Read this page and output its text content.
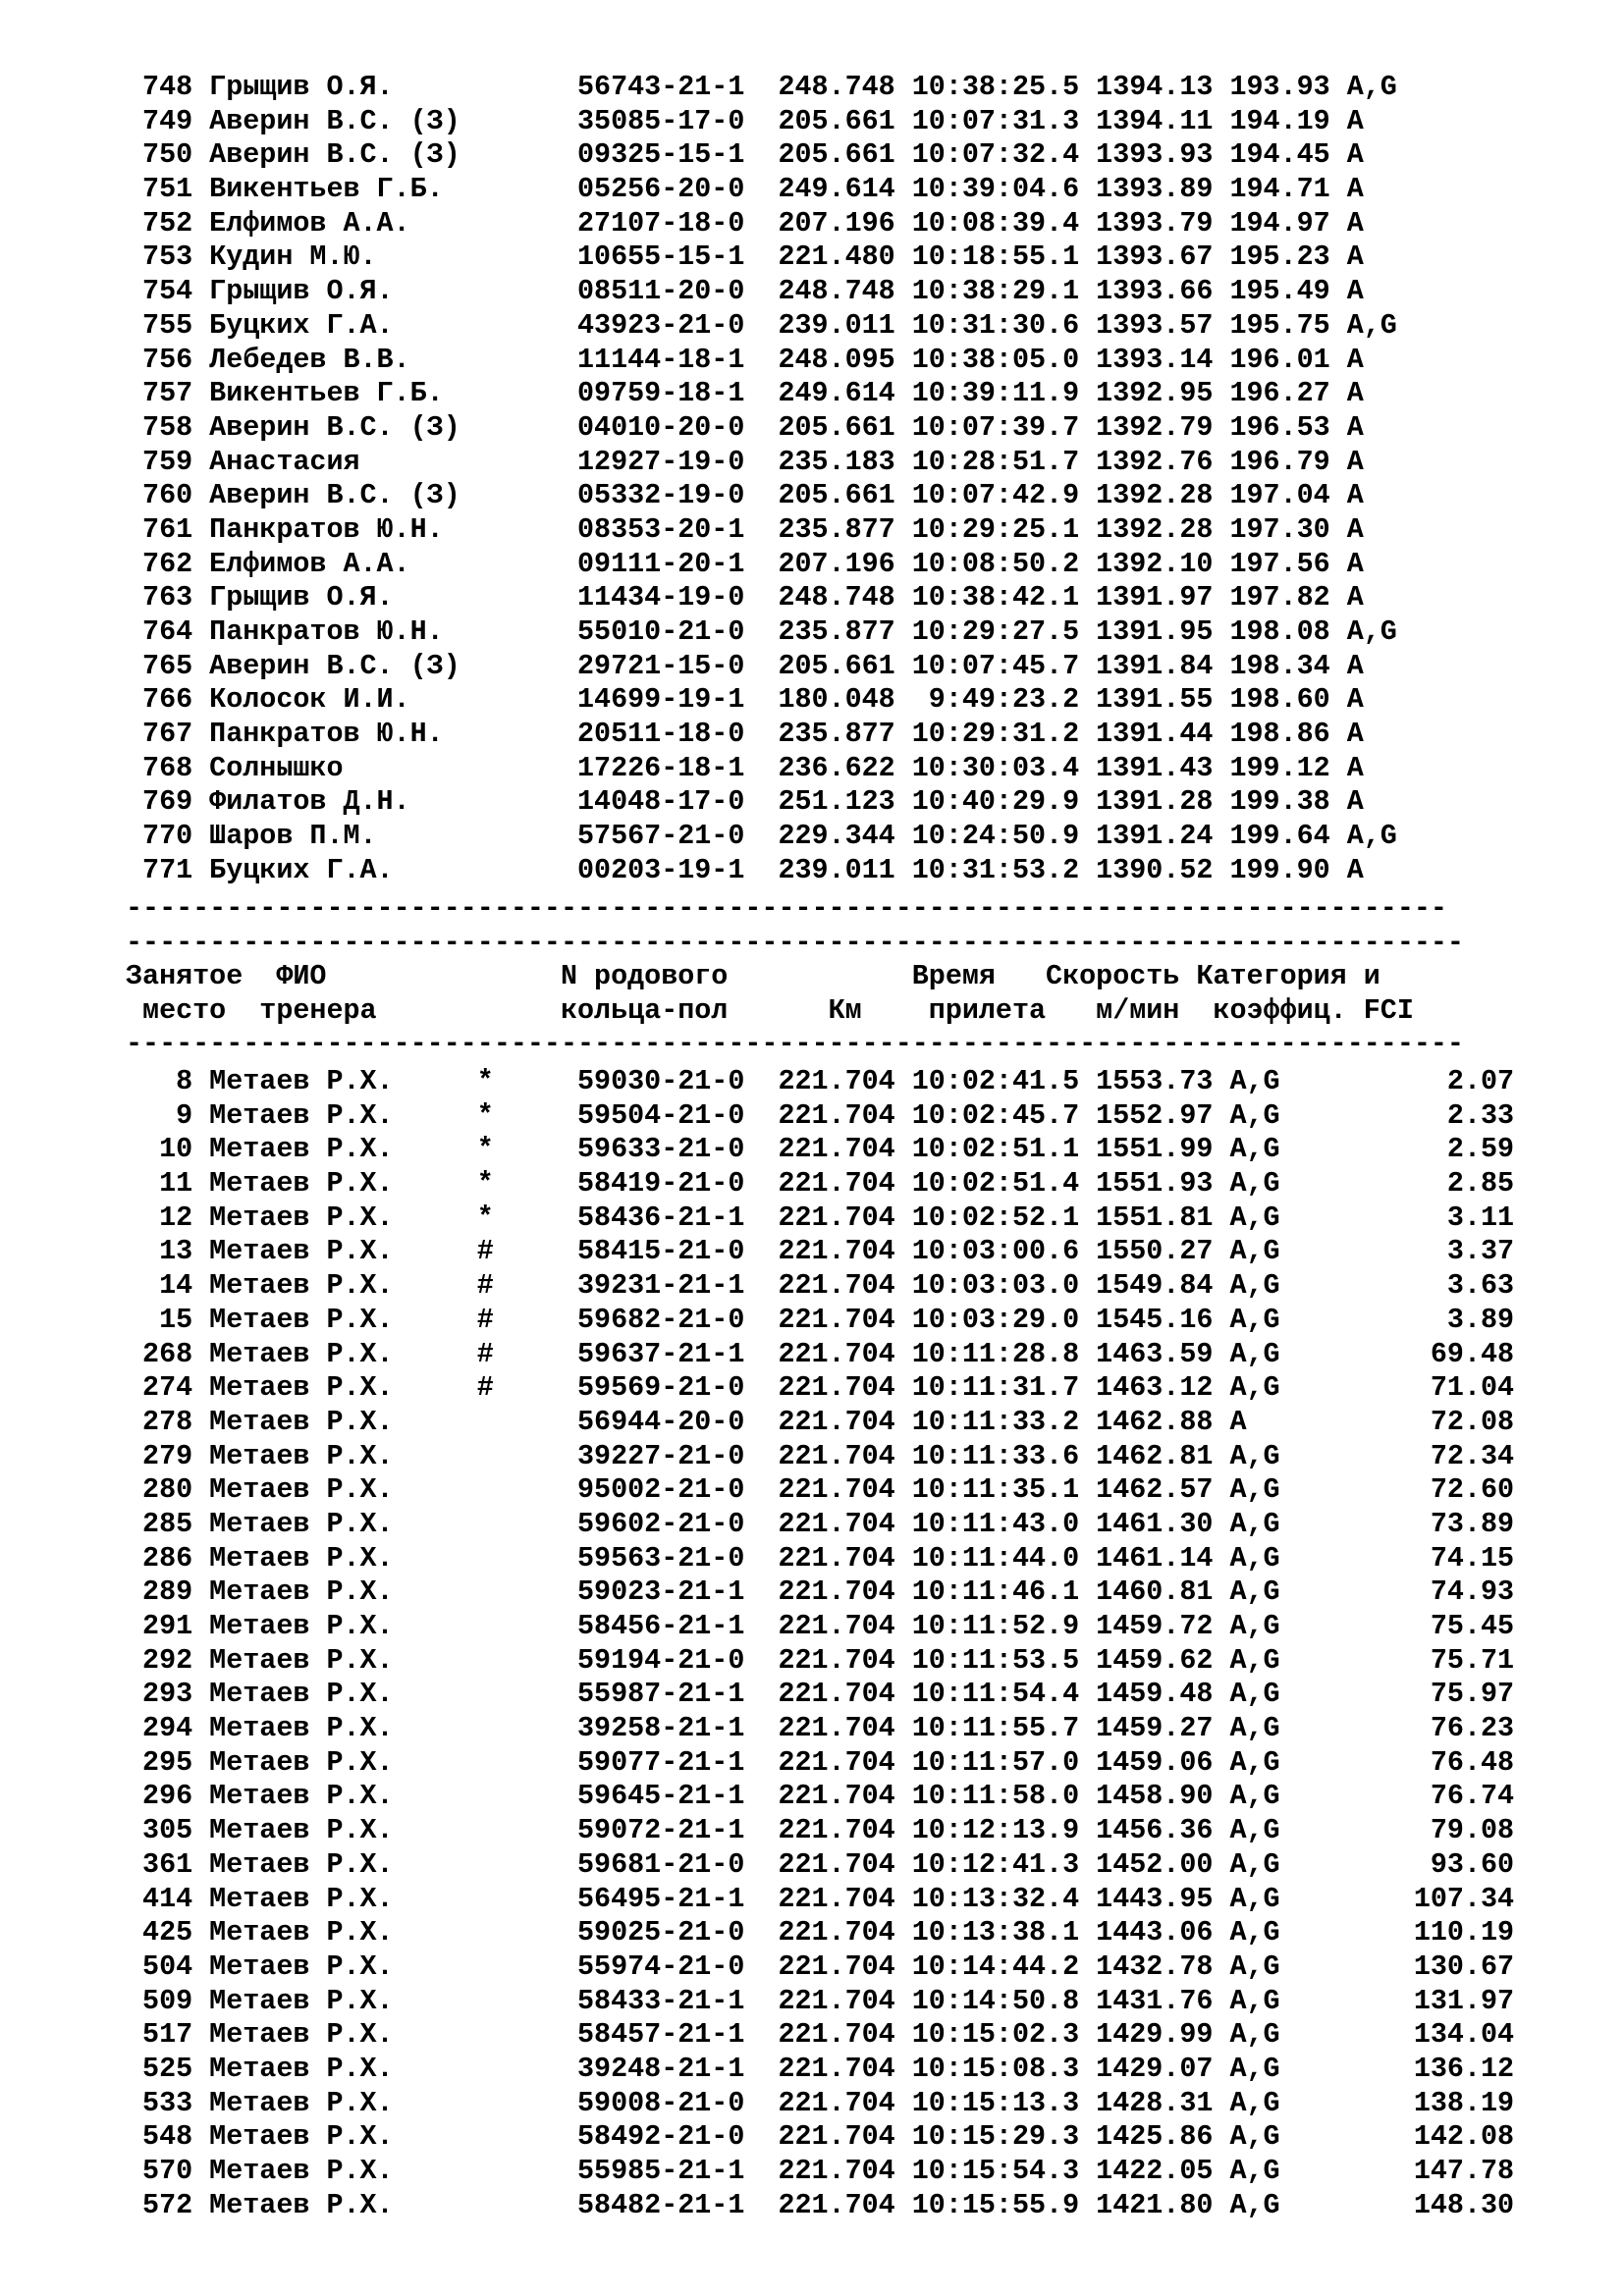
748 Грыщив О.Я.           56743-21-1  248.748 10:38:25.5 1394.13 193.93 A,G
749 Аверин В.С. (З)       35085-17-0  205.661 10:07:31.3 1394.11 194.19 A
750 Аверин В.С. (З)       09325-15-1  205.661 10:07:32.4 1393.93 194.45 A
751 Викентьев Г.Б.        05256-20-0  249.614 10:39:04.6 1393.89 194.71 A
752 Елфимов А.А.          27107-18-0  207.196 10:08:39.4 1393.79 194.97 A
753 Кудин М.Ю.            10655-15-1  221.480 10:18:55.1 1393.67 195.23 A
754 Грыщив О.Я.           08511-20-0  248.748 10:38:29.1 1393.66 195.49 A
755 Буцких Г.А.           43923-21-0  239.011 10:31:30.6 1393.57 195.75 A,G
756 Лебедев В.В.          11144-18-1  248.095 10:38:05.0 1393.14 196.01 A
757 Викентьев Г.Б.        09759-18-1  249.614 10:39:11.9 1392.95 196.27 A
758 Аверин В.С. (З)       04010-20-0  205.661 10:07:39.7 1392.79 196.53 A
759 Анастасия             12927-19-0  235.183 10:28:51.7 1392.76 196.79 A
760 Аверин В.С. (З)       05332-19-0  205.661 10:07:42.9 1392.28 197.04 A
761 Панкратов Ю.Н.        08353-20-1  235.877 10:29:25.1 1392.28 197.30 A
762 Елфимов А.А.          09111-20-1  207.196 10:08:50.2 1392.10 197.56 A
763 Грыщив О.Я.           11434-19-0  248.748 10:38:42.1 1391.97 197.82 A
764 Панкратов Ю.Н.        55010-21-0  235.877 10:29:27.5 1391.95 198.08 A,G
765 Аверин В.С. (З)       29721-15-0  205.661 10:07:45.7 1391.84 198.34 A
766 Колосок И.И.          14699-19-1  180.048  9:49:23.2 1391.55 198.60 A
767 Панкратов Ю.Н.        20511-18-0  235.877 10:29:31.2 1391.44 198.86 A
768 Солнышко              17226-18-1  236.622 10:30:03.4 1391.43 199.12 A
769 Филатов Д.Н.          14048-17-0  251.123 10:40:29.9 1391.28 199.38 A
770 Шаров П.М.            57567-21-0  229.344 10:24:50.9 1391.24 199.64 A,G
771 Буцких Г.А.           00203-19-1  239.011 10:31:53.2 1390.52 199.90 A
-------------------------------------------------------------------------------
--------------------------------------------------------------------------------
Занятое  ФИО              N родового           Время   Скорость Категория и
место  тренера           кольца-пол      Км    прилета   м/мин  коэффиц. FCI
--------------------------------------------------------------------------------
8 Метаев Р.Х.     *     59030-21-0  221.704 10:02:41.5 1553.73 A,G          2.07
9 Метаев Р.Х.     *     59504-21-0  221.704 10:02:45.7 1552.97 A,G          2.33
10 Метаев Р.Х.     *     59633-21-0  221.704 10:02:51.1 1551.99 A,G          2.59
11 Метаев Р.Х.     *     58419-21-0  221.704 10:02:51.4 1551.93 A,G          2.85
12 Метаев Р.Х.     *     58436-21-1  221.704 10:02:52.1 1551.81 A,G          3.11
13 Метаев Р.Х.     #     58415-21-0  221.704 10:03:00.6 1550.27 A,G          3.37
14 Метаев Р.Х.     #     39231-21-1  221.704 10:03:03.0 1549.84 A,G          3.63
15 Метаев Р.Х.     #     59682-21-0  221.704 10:03:29.0 1545.16 A,G          3.89
268 Метаев Р.Х.     #     59637-21-1  221.704 10:11:28.8 1463.59 A,G         69.48
274 Метаев Р.Х.     #     59569-21-0  221.704 10:11:31.7 1463.12 A,G         71.04
278 Метаев Р.Х.           56944-20-0  221.704 10:11:33.2 1462.88 A           72.08
279 Метаев Р.Х.           39227-21-0  221.704 10:11:33.6 1462.81 A,G         72.34
280 Метаев Р.Х.           95002-21-0  221.704 10:11:35.1 1462.57 A,G         72.60
285 Метаев Р.Х.           59602-21-0  221.704 10:11:43.0 1461.30 A,G         73.89
286 Метаев Р.Х.           59563-21-0  221.704 10:11:44.0 1461.14 A,G         74.15
289 Метаев Р.Х.           59023-21-1  221.704 10:11:46.1 1460.81 A,G         74.93
291 Метаев Р.Х.           58456-21-1  221.704 10:11:52.9 1459.72 A,G         75.45
292 Метаев Р.Х.           59194-21-0  221.704 10:11:53.5 1459.62 A,G         75.71
293 Метаев Р.Х.           55987-21-1  221.704 10:11:54.4 1459.48 A,G         75.97
294 Метаев Р.Х.           39258-21-1  221.704 10:11:55.7 1459.27 A,G         76.23
295 Метаев Р.Х.           59077-21-1  221.704 10:11:57.0 1459.06 A,G         76.48
296 Метаев Р.Х.           59645-21-1  221.704 10:11:58.0 1458.90 A,G         76.74
305 Метаев Р.Х.           59072-21-1  221.704 10:12:13.9 1456.36 A,G         79.08
361 Метаев Р.Х.           59681-21-0  221.704 10:12:41.3 1452.00 A,G         93.60
414 Метаев Р.Х.           56495-21-1  221.704 10:13:32.4 1443.95 A,G        107.34
425 Метаев Р.Х.           59025-21-0  221.704 10:13:38.1 1443.06 A,G        110.19
504 Метаев Р.Х.           55974-21-0  221.704 10:14:44.2 1432.78 A,G        130.67
509 Метаев Р.Х.           58433-21-1  221.704 10:14:50.8 1431.76 A,G        131.97
517 Метаев Р.Х.           58457-21-1  221.704 10:15:02.3 1429.99 A,G        134.04
525 Метаев Р.Х.           39248-21-1  221.704 10:15:08.3 1429.07 A,G        136.12
533 Метаев Р.Х.           59008-21-0  221.704 10:15:13.3 1428.31 A,G        138.19
548 Метаев Р.Х.           58492-21-0  221.704 10:15:29.3 1425.86 A,G        142.08
570 Метаев Р.Х.           55985-21-1  221.704 10:15:54.3 1422.05 A,G        147.78
572 Метаев Р.Х.           58482-21-1  221.704 10:15:55.9 1421.80 A,G        148.30
